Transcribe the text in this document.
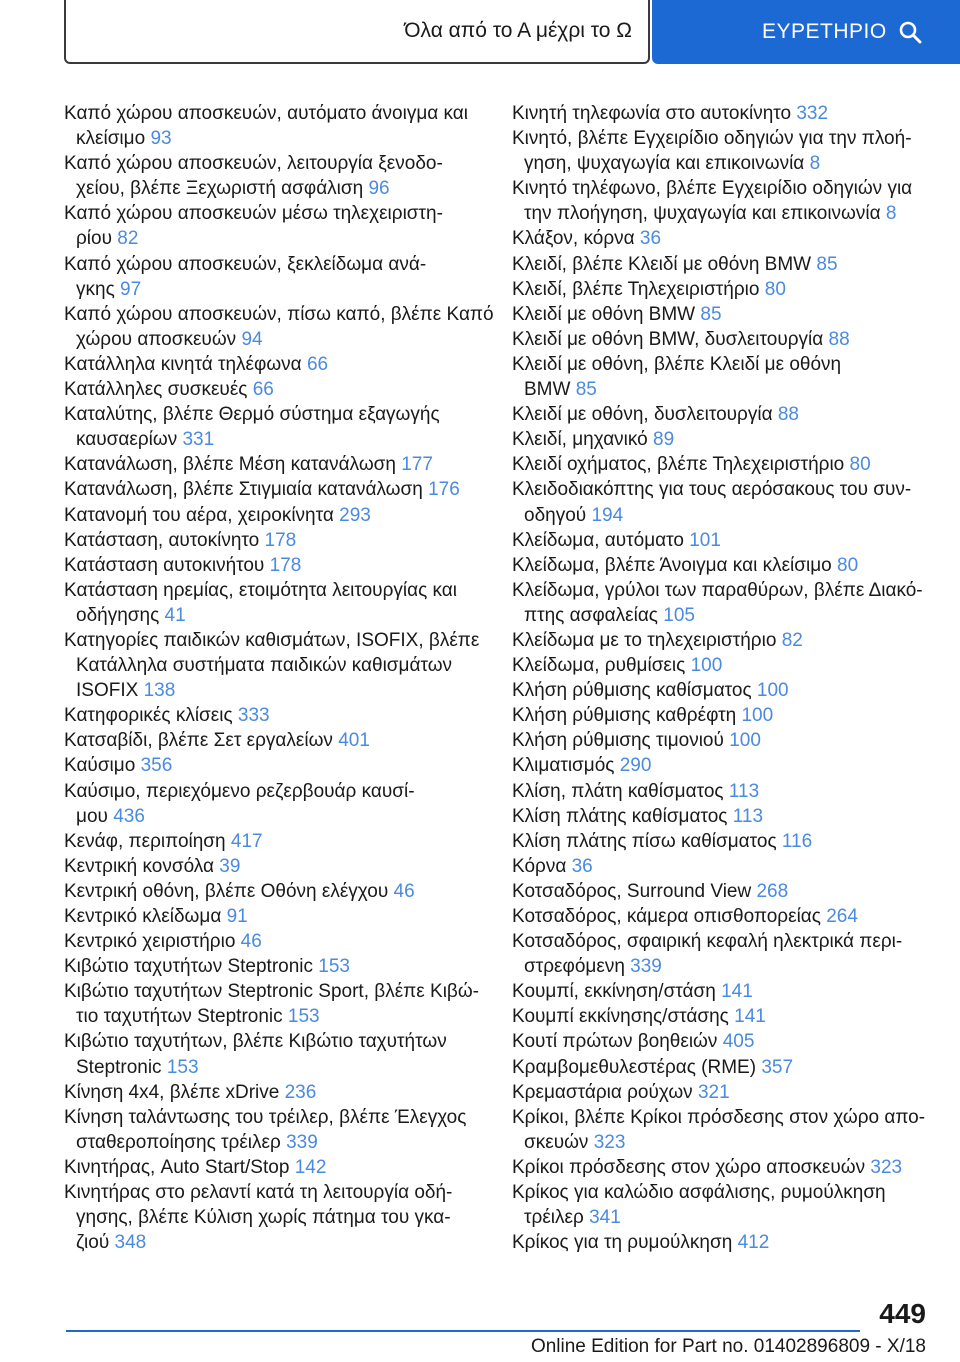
Όλα από το Α μέχρι το Ω	ΕΥΡΕΤΗΡΙΟ

Καπό χώρου αποσκευών, αυτόματο άνοιγμα και
κλείσιμο 93

Καπό χώρου αποσκευών, λειτουργία ξενοδο-
χείου, βλέπε Ξεχωριστή ασφάλιση 96

Καπό χώρου αποσκευών μέσω τηλεχειριστη-
ρίου 82

Καπό χώρου αποσκευών, ξεκλείδωμα ανά-
γκης 97

Καπό χώρου αποσκευών, πίσω καπό, βλέπε Καπό
χώρου αποσκευών 94

Κατάλληλα κινητά τηλέφωνα 66

Κατάλληλες συσκευές 66

Καταλύτης, βλέπε Θερμό σύστημα εξαγωγής
καυσαερίων 331

Κατανάλωση, βλέπε Μέση κατανάλωση 177

Κατανάλωση, βλέπε Στιγμιαία κατανάλωση 176

Κατανομή του αέρα, χειροκίνητα 293

Κατάσταση, αυτοκίνητο 178

Κατάσταση αυτοκινήτου 178

Κατάσταση ηρεμίας, ετοιμότητα λειτουργίας και
οδήγησης 41

Κατηγορίες παιδικών καθισμάτων, ISOFIX, βλέπε
Κατάλληλα συστήματα παιδικών καθισμάτων
ISOFIX 138

Κατηφορικές κλίσεις 333

Κατσαβίδι, βλέπε Σετ εργαλείων 401

Καύσιμο 356

Καύσιμο, περιεχόμενο ρεζερβουάρ καυσί-
μου 436

Κενάφ, περιποίηση 417

Κεντρική κονσόλα 39

Κεντρική οθόνη, βλέπε Οθόνη ελέγχου 46

Κεντρικό κλείδωμα 91

Κεντρικό χειριστήριο 46

Κιβώτιο ταχυτήτων Steptronic 153

Κιβώτιο ταχυτήτων Steptronic Sport, βλέπε Κιβώ-
τιο ταχυτήτων Steptronic 153

Κιβώτιο ταχυτήτων, βλέπε Κιβώτιο ταχυτήτων
Steptronic 153

Κίνηση 4x4, βλέπε xDrive 236

Κίνηση ταλάντωσης του τρέιλερ, βλέπε Έλεγχος
σταθεροποίησης τρέιλερ 339

Κινητήρας, Auto Start/Stop 142

Κινητήρας στο ρελαντί κατά τη λειτουργία οδή-
γησης, βλέπε Κύλιση χωρίς πάτημα του γκα-
ζιού 348

Κινητή τηλεφωνία στο αυτοκίνητο 332

Κινητό, βλέπε Εγχειρίδιο οδηγιών για την πλοή-
γηση, ψυχαγωγία και επικοινωνία 8

Κινητό τηλέφωνο, βλέπε Εγχειρίδιο οδηγιών για
την πλοήγηση, ψυχαγωγία και επικοινωνία 8

Κλάξον, κόρνα 36

Κλειδί, βλέπε Κλειδί με οθόνη BMW 85

Κλειδί, βλέπε Τηλεχειριστήριο 80

Κλειδί με οθόνη BMW 85

Κλειδί με οθόνη BMW, δυσλειτουργία 88

Κλειδί με οθόνη, βλέπε Κλειδί με οθόνη
BMW 85

Κλειδί με οθόνη, δυσλειτουργία 88

Κλειδί, μηχανικό 89

Κλειδί οχήματος, βλέπε Τηλεχειριστήριο 80

Κλειδοδιακόπτης για τους αερόσακους του συν-
οδηγού 194

Κλείδωμα, αυτόματο 101

Κλείδωμα, βλέπε Άνοιγμα και κλείσιμο 80

Κλείδωμα, γρύλοι των παραθύρων, βλέπε Διακό-
πτης ασφαλείας 105

Κλείδωμα με το τηλεχειριστήριο 82

Κλείδωμα, ρυθμίσεις 100

Κλήση ρύθμισης καθίσματος 100

Κλήση ρύθμισης καθρέφτη 100

Κλήση ρύθμισης τιμονιού 100

Κλιματισμός 290

Κλίση, πλάτη καθίσματος 113

Κλίση πλάτης καθίσματος 113

Κλίση πλάτης πίσω καθίσματος 116

Κόρνα 36

Κοτσαδόρος, Surround View 268

Κοτσαδόρος, κάμερα οπισθοπορείας 264

Κοτσαδόρος, σφαιρική κεφαλή ηλεκτρικά περι-
στρεφόμενη 339

Κουμπί, εκκίνηση/στάση 141

Κουμπί εκκίνησης/στάσης 141

Κουτί πρώτων βοηθειών 405

Κραμβομεθυλεστέρας (RME) 357

Κρεμαστάρια ρούχων 321

Κρίκοι, βλέπε Κρίκοι πρόσδεσης στον χώρο απο-
σκευών 323

Κρίκοι πρόσδεσης στον χώρο αποσκευών 323

Κρίκος για καλώδιο ασφάλισης, ρυμούλκηση
τρέιλερ 341

Κρίκος για τη ρυμούλκηση 412

449
Online Edition for Part no. 01402896809 - X/18
